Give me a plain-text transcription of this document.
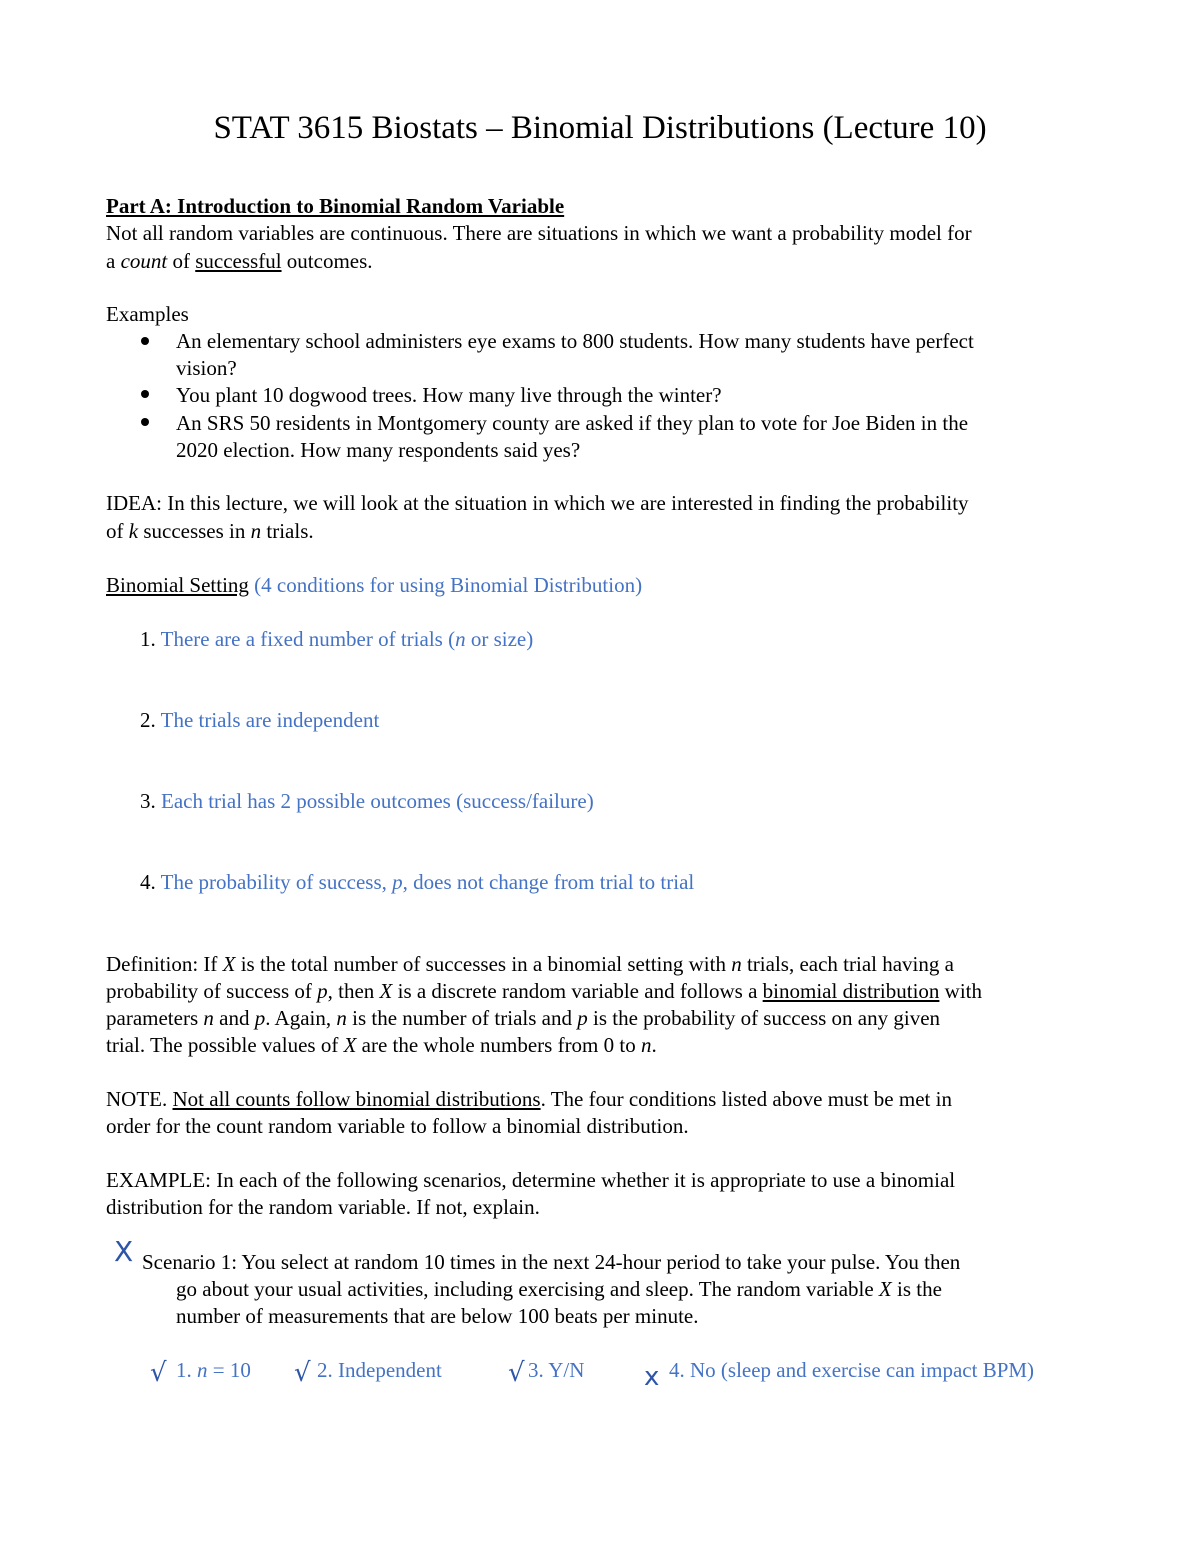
STAT 3615 Biostats – Binomial Distributions (Lecture 10)
Part A: Introduction to Binomial Random Variable
Not all random variables are continuous. There are situations in which we want a probability model for
a count of successful outcomes.
Examples
An elementary school administers eye exams to 800 students. How many students have perfect
vision?
You plant 10 dogwood trees. How many live through the winter?
An SRS 50 residents in Montgomery county are asked if they plan to vote for Joe Biden in the
2020 election. How many respondents said yes?
IDEA: In this lecture, we will look at the situation in which we are interested in finding the probability
of k successes in n trials.
Binomial Setting (4 conditions for using Binomial Distribution)
1. There are a fixed number of trials (n or size)
2. The trials are independent
3. Each trial has 2 possible outcomes (success/failure)
4. The probability of success, p, does not change from trial to trial
Definition: If X is the total number of successes in a binomial setting with n trials, each trial having a
probability of success of p, then X is a discrete random variable and follows a binomial distribution with
parameters n and p. Again, n is the number of trials and p is the probability of success on any given
trial. The possible values of X are the whole numbers from 0 to n.
NOTE. Not all counts follow binomial distributions. The four conditions listed above must be met in
order for the count random variable to follow a binomial distribution.
EXAMPLE: In each of the following scenarios, determine whether it is appropriate to use a binomial
distribution for the random variable. If not, explain.
X Scenario 1: You select at random 10 times in the next 24-hour period to take your pulse. You then
go about your usual activities, including exercising and sleep. The random variable X is the
number of measurements that are below 100 beats per minute.
√ 1. n = 10 √ 2. Independent	√ 3. Y/N x 4. No (sleep and exercise can impact BPM)
